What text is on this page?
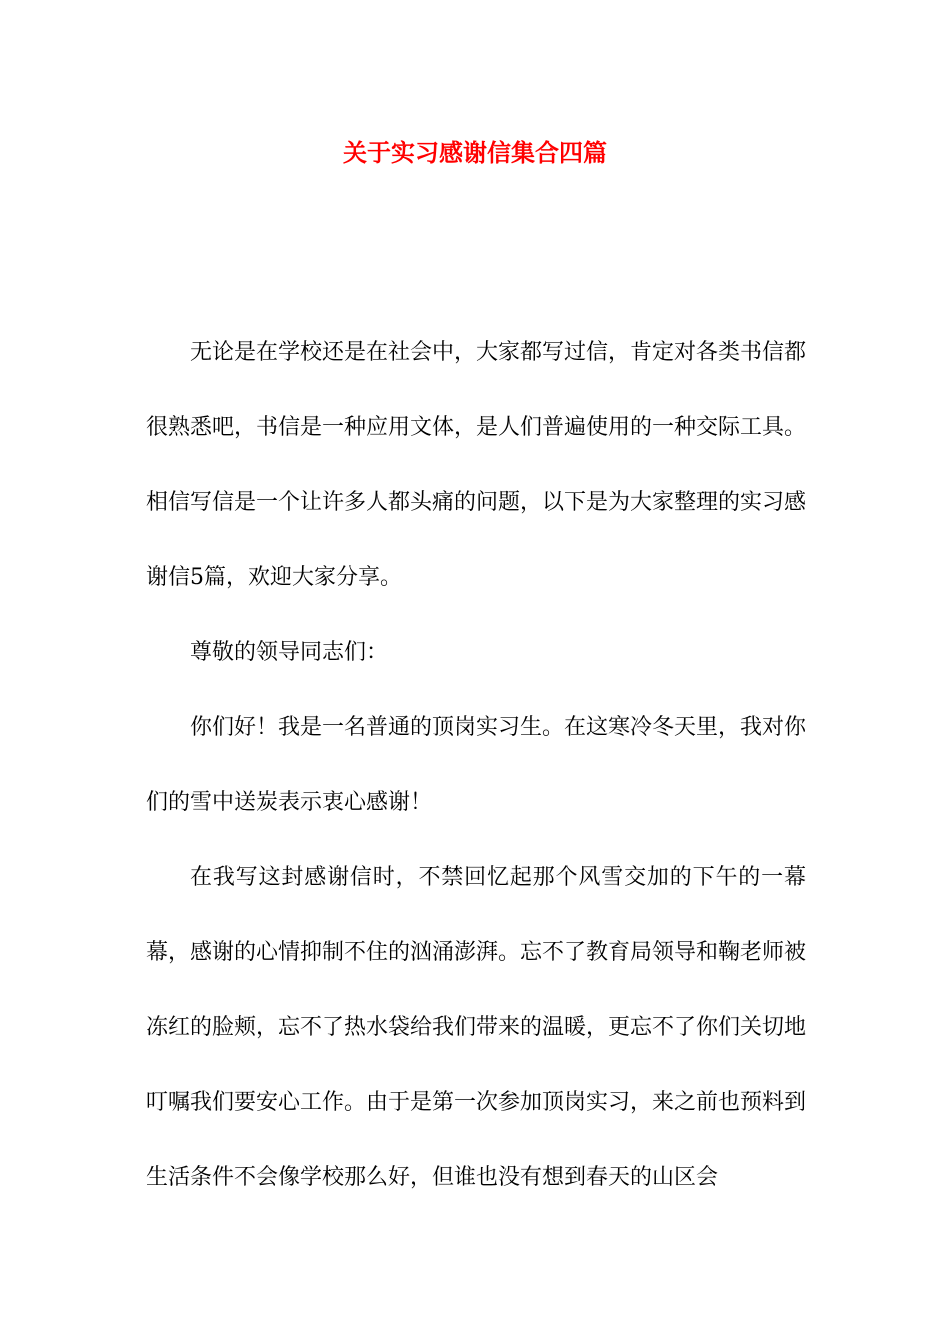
关于实习感谢信集合四篇

无论是在学校还是在社会中，大家都写过信，肯定对各类书信都很熟悉吧，书信是一种应用文体，是人们普遍使用的一种交际工具。相信写信是一个让许多人都头痛的问题，以下是为大家整理的实习感谢信5篇，欢迎大家分享。

尊敬的领导同志们：

你们好！我是一名普通的顶岗实习生。在这寒冷冬天里，我对你们的雪中送炭表示衷心感谢！

在我写这封感谢信时，不禁回忆起那个风雪交加的下午的一幕幕，感谢的心情抑制不住的汹涌澎湃。忘不了教育局领导和鞠老师被冻红的脸颊，忘不了热水袋给我们带来的温暖，更忘不了你们关切地叮嘱我们要安心工作。由于是第一次参加顶岗实习，来之前也预料到生活条件不会像学校那么好，但谁也没有想到春天的山区会
